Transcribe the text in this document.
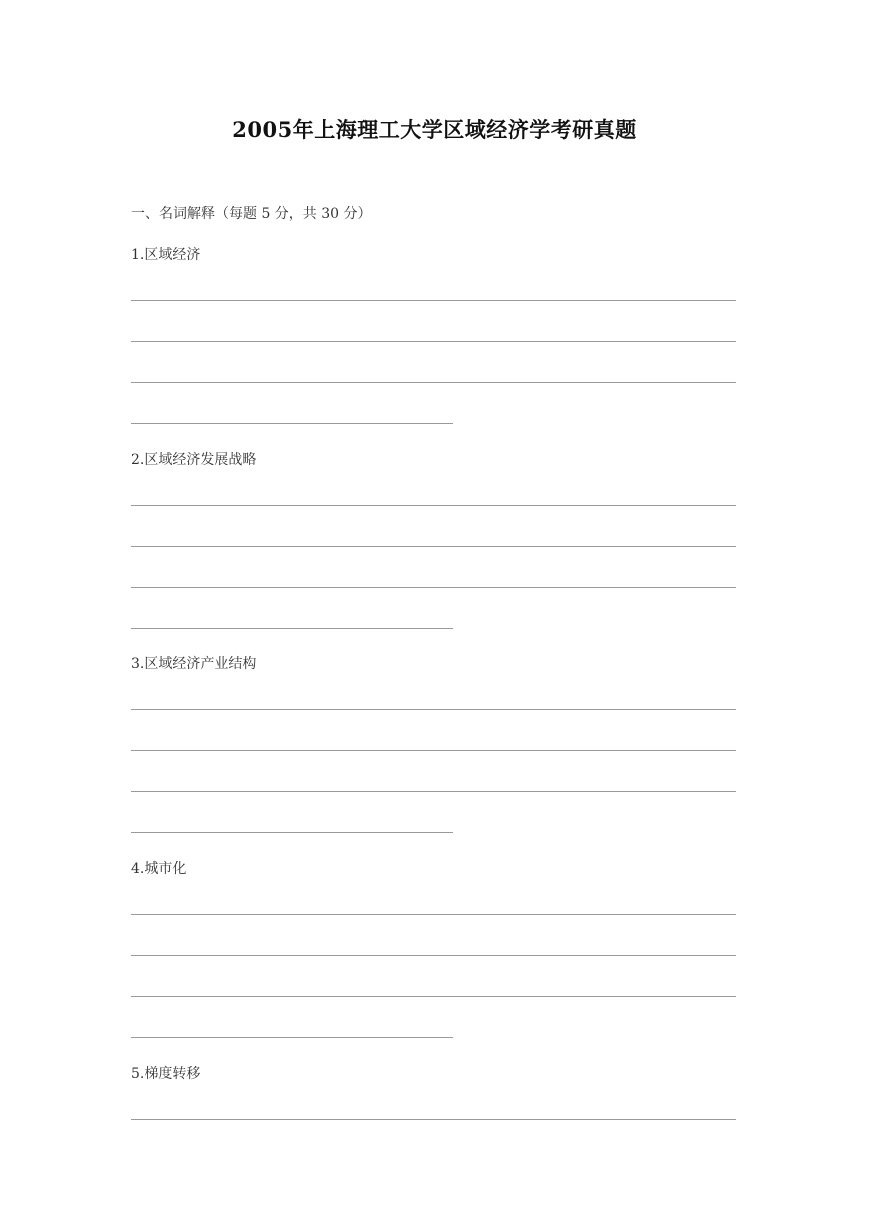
2005年上海理工大学区域经济学考研真题
一、名词解释（每题 5 分，共 30 分）
1.区域经济
2.区域经济发展战略
3.区域经济产业结构
4.城市化
5.梯度转移
